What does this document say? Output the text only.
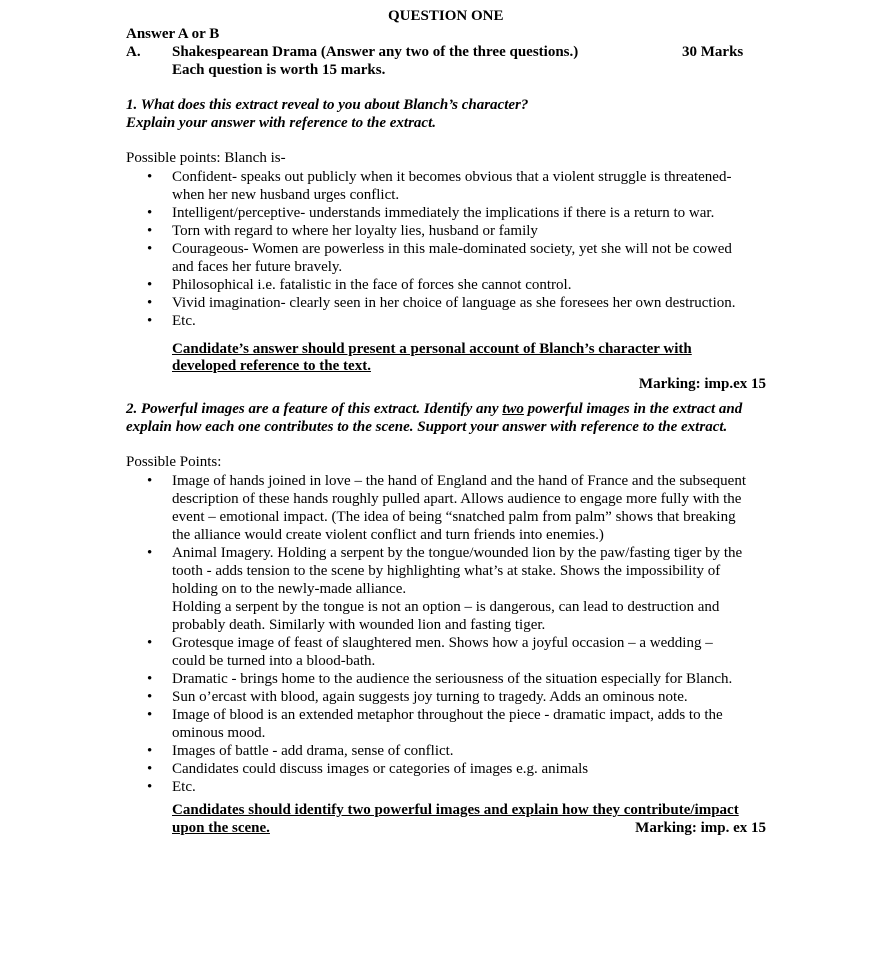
QUESTION ONE
Answer A or B
A. Shakespearean Drama (Answer any two of the three questions.)	30 Marks
Each question is worth 15 marks.
1. What does this extract reveal to you about Blanch’s character?
Explain your answer with reference to the extract.
Possible points: Blanch is-
•	Confident- speaks out publicly when it becomes obvious that a violent struggle is threatened-
when her new husband urges conflict.
•	Intelligent/perceptive- understands immediately the implications if there is a return to war.
•	Torn with regard to where her loyalty lies, husband or family
•	Courageous- Women are powerless in this male-dominated society, yet she will not be cowed
and faces her future bravely.
•	Philosophical i.e. fatalistic in the face of forces she cannot control.
•	Vivid imagination- clearly seen in her choice of language as she foresees her own destruction.
•	Etc.
Candidate’s answer should present a personal account of Blanch’s character with
developed reference to the text.
Marking: imp.ex 15
2. Powerful images are a feature of this extract. Identify any two powerful images in the extract and
explain how each one contributes to the scene. Support your answer with reference to the extract.
Possible Points:
•	Image of hands joined in love – the hand of England and the hand of France and the subsequent
description of these hands roughly pulled apart. Allows audience to engage more fully with the
event – emotional impact. (The idea of being “snatched palm from palm” shows that breaking
the alliance would create violent conflict and turn friends into enemies.)
•	Animal Imagery. Holding a serpent by the tongue/wounded lion by the paw/fasting tiger by the
tooth - adds tension to the scene by highlighting what’s at stake. Shows the impossibility of
holding on to the newly-made alliance.
Holding a serpent by the tongue is not an option – is dangerous, can lead to destruction and
probably death. Similarly with wounded lion and fasting tiger.
•	Grotesque image of feast of slaughtered men. Shows how a joyful occasion – a wedding –
could be turned into a blood-bath.
•	Dramatic - brings home to the audience the seriousness of the situation especially for Blanch.
•	Sun o’ercast with blood, again suggests joy turning to tragedy. Adds an ominous note.
•	Image of blood is an extended metaphor throughout the piece - dramatic impact, adds to the
ominous mood.
•	Images of battle - add drama, sense of conflict.
•	Candidates could discuss images or categories of images e.g. animals
•	Etc.
Candidates should identify two powerful images and explain how they contribute/impact
upon the scene.	Marking: imp. ex 15
